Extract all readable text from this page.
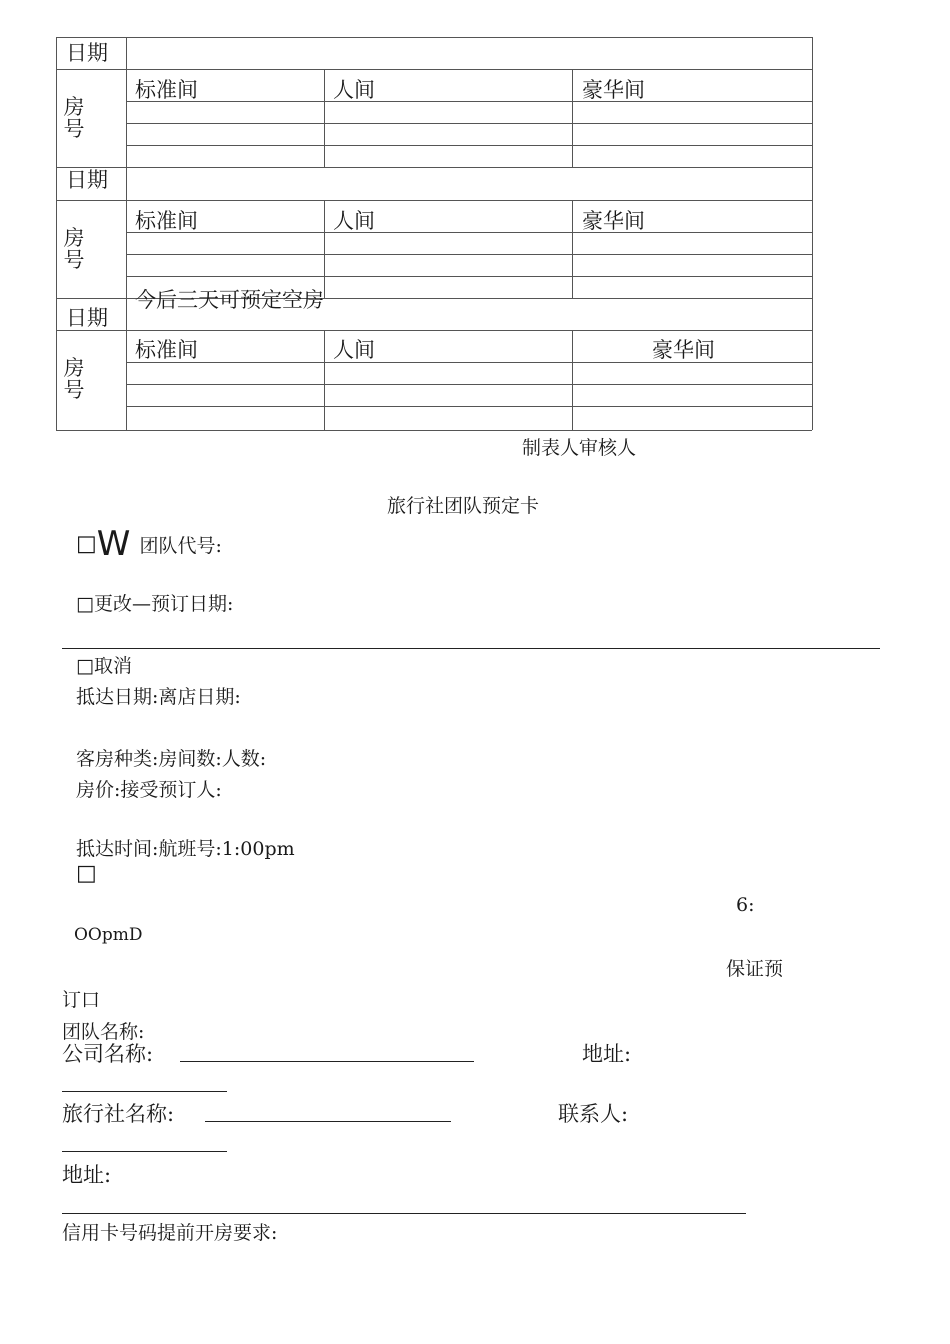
日期
房号
标准间	人间	豪华间
日期
房号
标准间	人间	豪华间
今后三天可预定空房
日期
房号
标准间	人间	豪华间
制表人审核人
旅行社团队预定卡
□W 团队代号:
□更改—预订日期:
□取消
抵达日期:离店日期:
客房种类:房间数:人数:
房价:接受预订人:
抵达时间:航班号:1:00pm
□
6:
OOpmD
保证预
订口
团队名称:
公司名称:	地址:
旅行社名称:	联系人:
地址:
信用卡号码提前开房要求:
